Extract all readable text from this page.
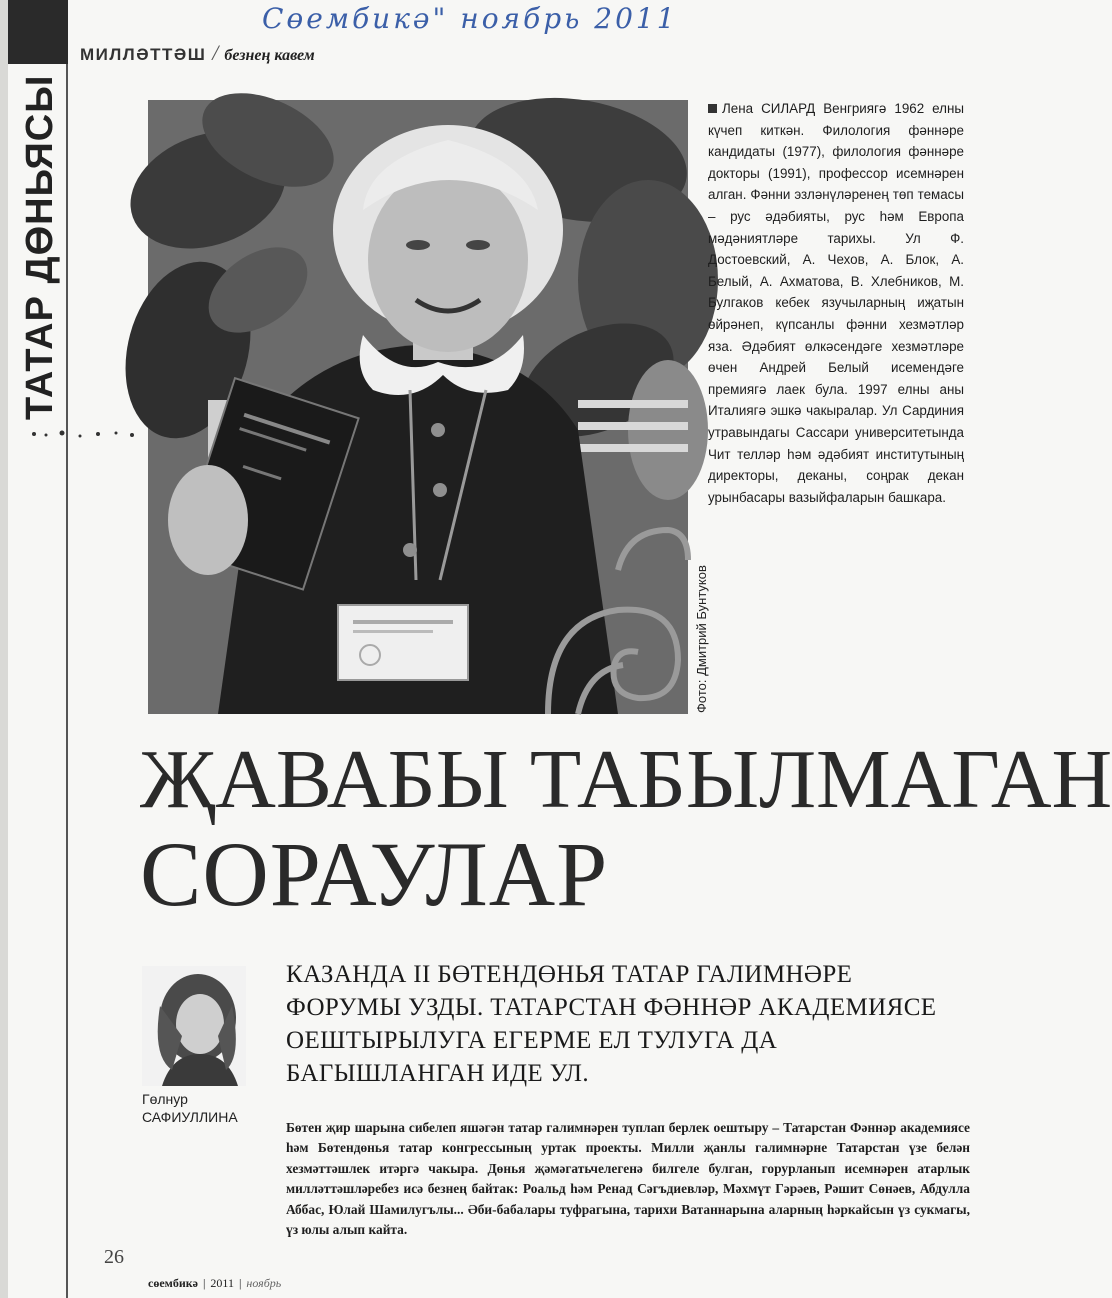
ТАТАР ДӨНЬЯСЫ
Сөембикә" ноябрь 2011
МИЛЛӘТТӘШ / безнең кавем
Фото: Дмитрий Бунтуков
Лена СИЛАРД Венгриягә 1962 елны күчеп киткән. Филология фәннәре кандидаты (1977), филология фәннәре докторы (1991), профессор исемнәрен алган. Фәнни эзләнүләренең төп темасы – рус әдәбияты, рус һәм Европа мәдәниятләре тарихы. Ул Ф. Достоевский, А. Чехов, А. Блок, А. Белый, А. Ахматова, В. Хлебников, М. Булгаков кебек язучыларның иҗатын өйрәнеп, күпсанлы фәнни хезмәтләр яза. Әдәбият өлкәсендәге хезмәтләре өчен Андрей Белый исемендәге премиягә лаек була. 1997 елны аны Италиягә эшкә чакыралар. Ул Сардиния утравындагы Сассари университетында Чит телләр һәм әдәбият институтының директоры, деканы, соңрак декан урынбасары вазыйфаларын башкара.
ҖАВАБЫ ТАБЫЛМАГАН
СОРАУЛАР
Гөлнур
САФИУЛЛИНА
КАЗАНДА II БӨТЕНДӨНЬЯ ТАТАР ГАЛИМНӘРЕ ФОРУМЫ УЗДЫ. ТАТАРСТАН ФӘННӘР АКАДЕМИЯСЕ ОЕШТЫРЫЛУГА ЕГЕРМЕ ЕЛ ТУЛУГА ДА БАГЫШЛАНГАН ИДЕ УЛ.
Бөтен җир шарына сибелеп яшәгән татар галимнәрен туплап берлек оештыру – Татарстан Фәннәр академиясе һәм Бөтендөнья татар конгрессының уртак проекты. Милли җанлы галимнәрне Татарстан үзе белән хезмәттәшлек итәргә чакыра. Дөнья җәмәгатьчелегенә билгеле булган, горурланып исемнәрен атарлык милләттәшләребез исә безнең байтак: Роальд һәм Ренад Сәгъдиевләр, Мәхмүт Гәрәев, Рәшит Сөнәев, Абдулла Аббас, Юлай Шамилугълы... Әби-бабалары туфрагына, тарихи Ватаннарына аларның һәркайсын үз сукмагы, үз юлы алып кайта.
26
сөембикә | 2011 | ноябрь
